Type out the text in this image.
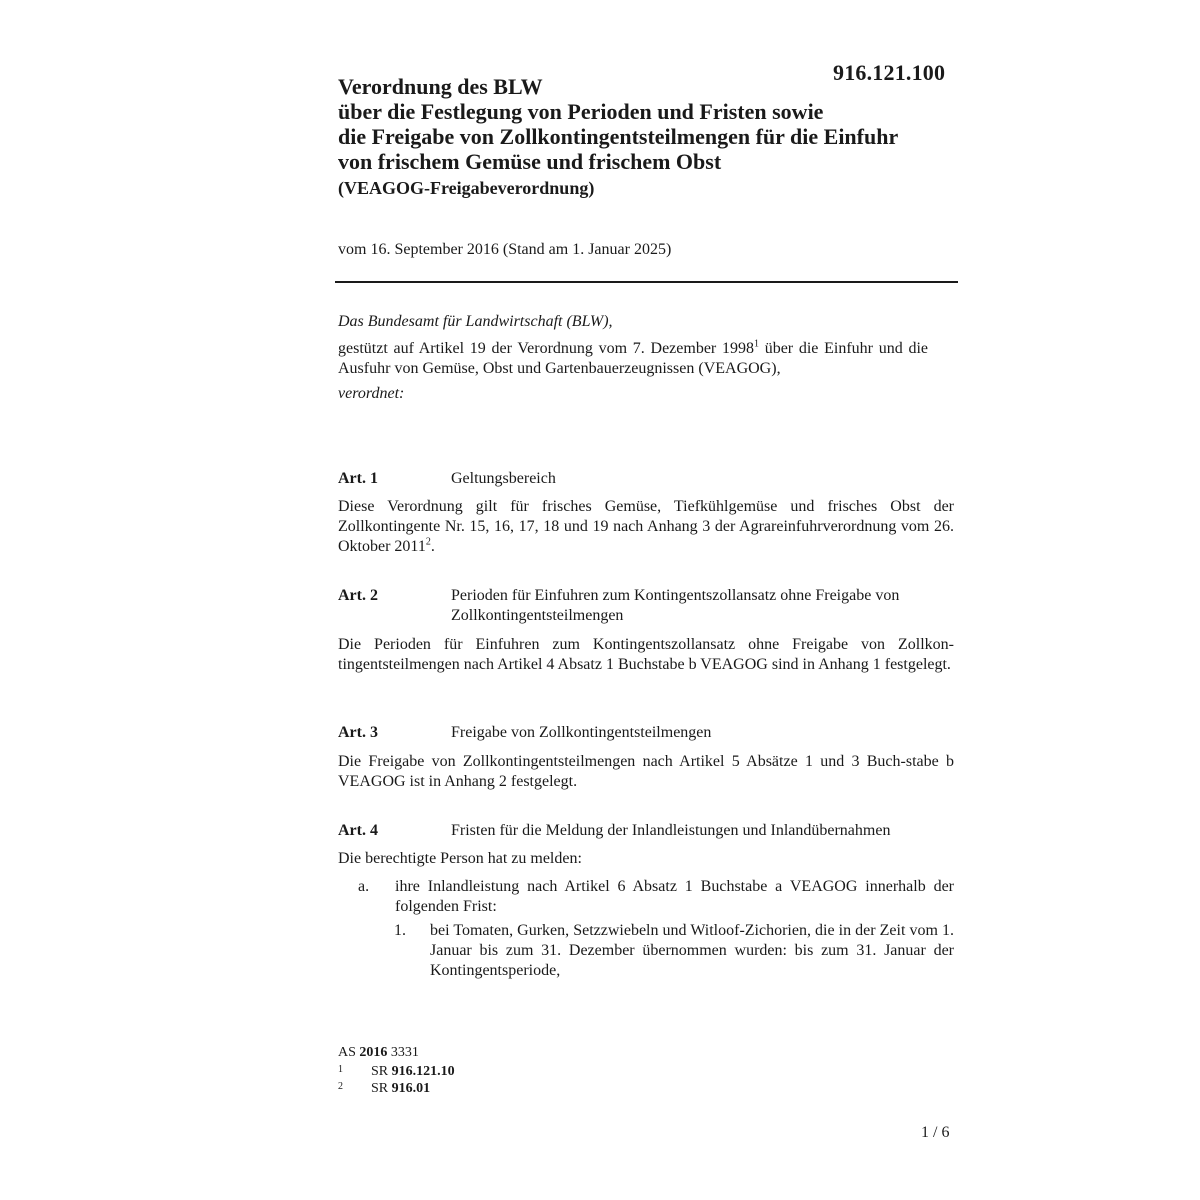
916.121.100
Verordnung des BLW
über die Festlegung von Perioden und Fristen sowie
die Freigabe von Zollkontingentsteilmengen für die Einfuhr
von frischem Gemüse und frischem Obst
(VEAGOG-Freigabeverordnung)
vom 16. September 2016 (Stand am 1. Januar 2025)
Das Bundesamt für Landwirtschaft (BLW),
gestützt auf Artikel 19 der Verordnung vom 7. Dezember 1998$^1$ über die Einfuhr und die Ausfuhr von Gemüse, Obst und Gartenbauerzeugnissen (VEAGOG),
verordnet:
Art. 1	Geltungsbereich
Diese Verordnung gilt für frisches Gemüse, Tiefkühlgemüse und frisches Obst der Zollkontingente Nr. 15, 16, 17, 18 und 19 nach Anhang 3 der Agrareinfuhrverordnung vom 26. Oktober 2011$^2$.
Art. 2	Perioden für Einfuhren zum Kontingentszollansatz ohne Freigabe von Zollkontingentsteilmengen
Die Perioden für Einfuhren zum Kontingentszollansatz ohne Freigabe von Zollkon-tingentsteilmengen nach Artikel 4 Absatz 1 Buchstabe b VEAGOG sind in Anhang 1 festgelegt.
Art. 3	Freigabe von Zollkontingentsteilmengen
Die Freigabe von Zollkontingentsteilmengen nach Artikel 5 Absätze 1 und 3 Buch-stabe b VEAGOG ist in Anhang 2 festgelegt.
Art. 4	Fristen für die Meldung der Inlandleistungen und Inlandübernahmen
Die berechtigte Person hat zu melden:
a. ihre Inlandleistung nach Artikel 6 Absatz 1 Buchstabe a VEAGOG innerhalb der folgenden Frist:
1. bei Tomaten, Gurken, Setzzwiebeln und Witloof-Zichorien, die in der Zeit vom 1. Januar bis zum 31. Dezember übernommen wurden: bis zum 31. Januar der Kontingentsperiode,
AS 2016 3331
1 SR 916.121.10
2 SR 916.01
1 / 6
